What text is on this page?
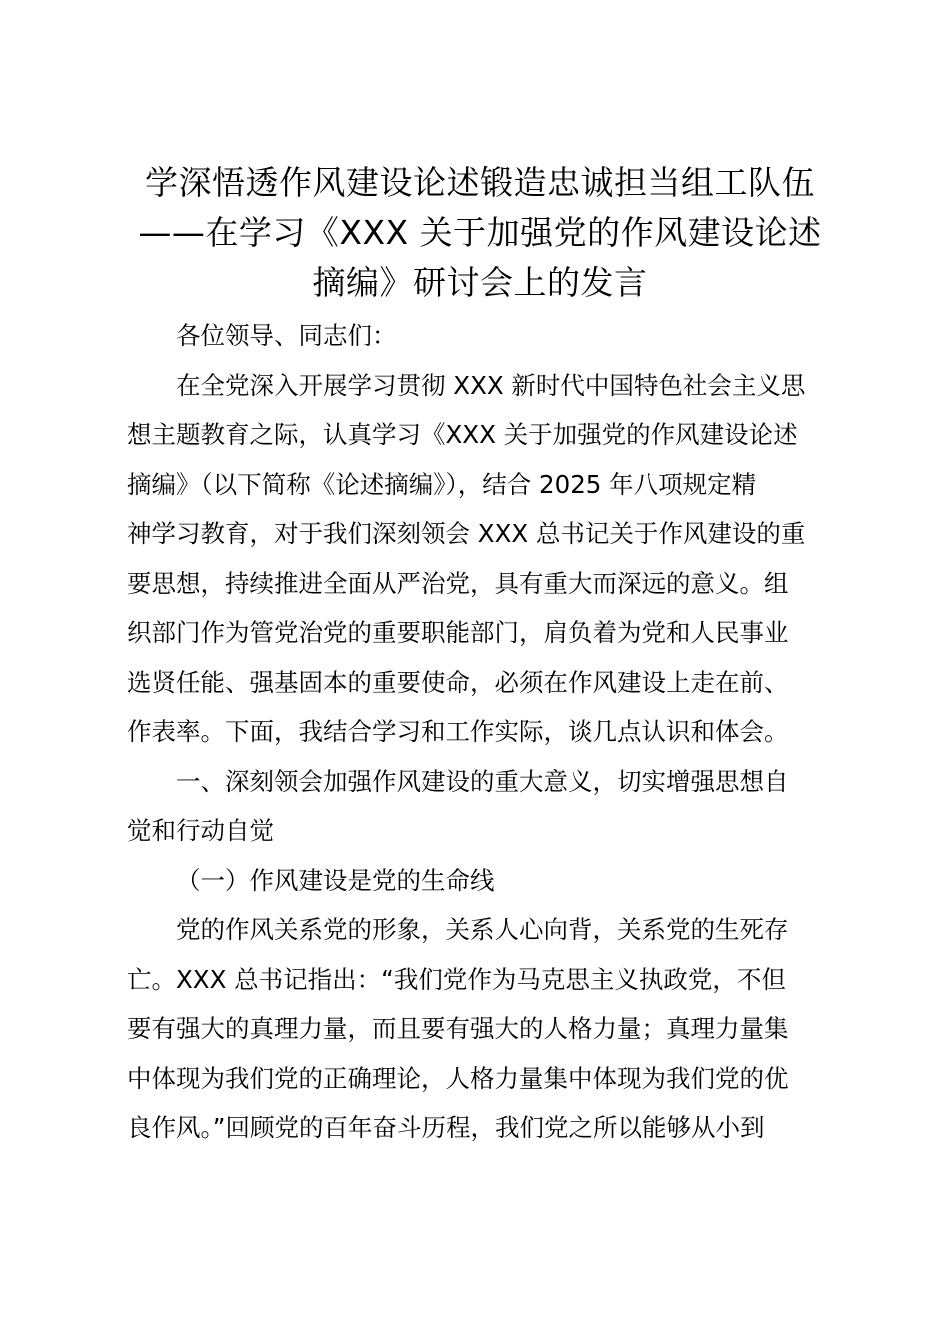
学深悟透作风建设论述锻造忠诚担当组工队伍
——在学习《XXX 关于加强党的作风建设论述
摘编》研讨会上的发言

各位领导、同志们：

在全党深入开展学习贯彻 XXX 新时代中国特色社会主义思
想主题教育之际，认真学习《XXX 关于加强党的作风建设论述
摘编》（以下简称《论述摘编》），结合 2025 年八项规定精
神学习教育，对于我们深刻领会 XXX 总书记关于作风建设的重
要思想，持续推进全面从严治党，具有重大而深远的意义。组
织部门作为管党治党的重要职能部门，肩负着为党和人民事业
选贤任能、强基固本的重要使命，必须在作风建设上走在前、
作表率。下面，我结合学习和工作实际，谈几点认识和体会。

一、深刻领会加强作风建设的重大意义，切实增强思想自
觉和行动自觉

（一）作风建设是党的生命线

党的作风关系党的形象，关系人心向背，关系党的生死存
亡。XXX 总书记指出：“我们党作为马克思主义执政党，不但
要有强大的真理力量，而且要有强大的人格力量；真理力量集
中体现为我们党的正确理论，人格力量集中体现为我们党的优
良作风。”回顾党的百年奋斗历程，我们党之所以能够从小到
